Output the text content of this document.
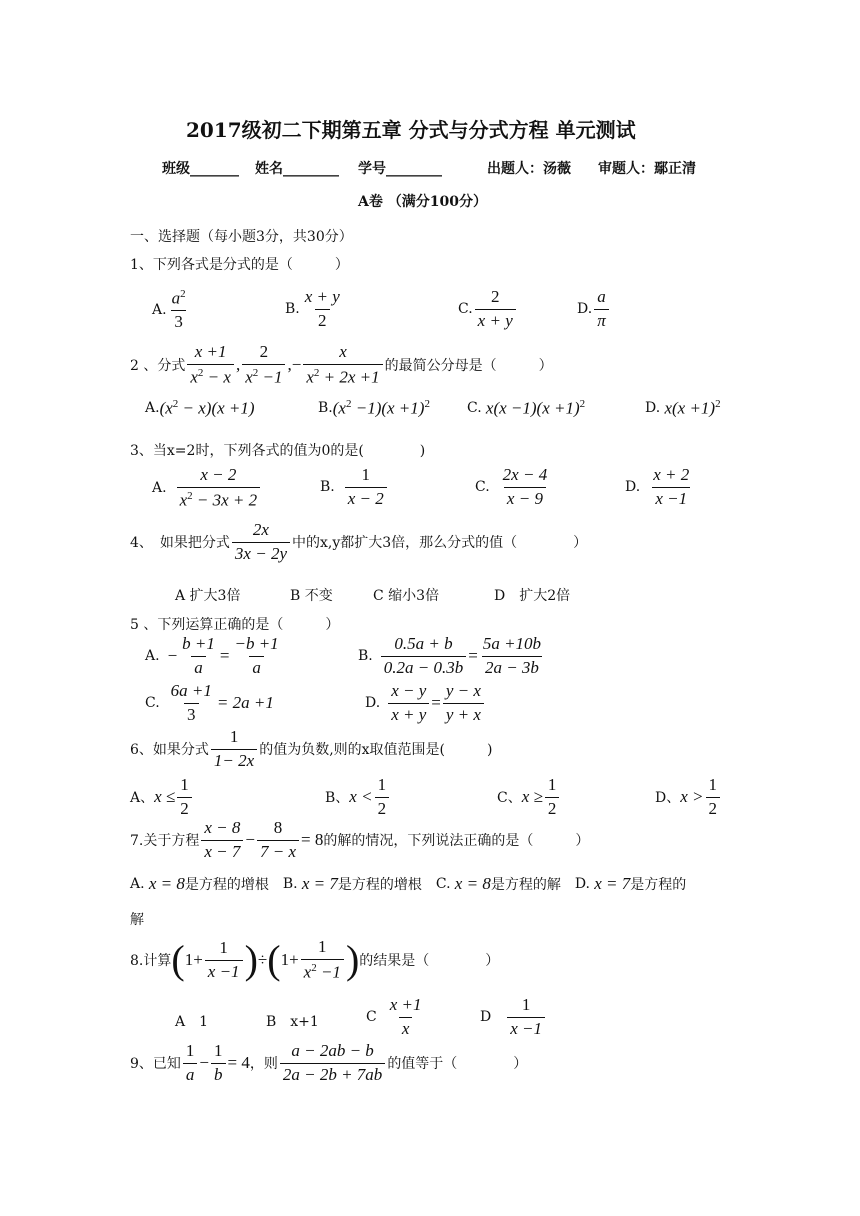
2017级初二下期第五章 分式与分式方程 单元测试
班级_______ 姓名________ 学号________	出题人：汤薇 审题人：鄢正清
A卷 （满分100分）
一、选择题（每小题3分，共30分）
1、下列各式是分式的是（　　　）
A. $\frac{a^2}{3}$	B. $\frac{x + y}{2}$	C. $\frac{2}{x + y}$	D. $\frac{a}{\pi}$
2 、分式 $\frac{x +1}{x^2 - x}$ , $\frac{2}{x^2 -1}$ ,− $\frac{x}{x^2 + 2x +1}$ 的最简公分母是（　　　）
A. $(x^2 - x)(x +1)$	B. $(x^2 -1)(x +1)^2$	C. $x(x -1)(x +1)^2$	D. $x(x +1)^2$
3、当x=2时，下列各式的值为0的是(　　　　)
A. $\frac{x - 2}{x^2 - 3x + 2}$	B. $\frac{1}{x - 2}$	C. $\frac{2x - 4}{x - 9}$	D. $\frac{x + 2}{x -1}$
4、　如果把分式 $\frac{2x}{3x - 2y}$ 中的x,y都扩大3倍，那么分式的值（　　　　）
A 扩大3倍	B 不变	C 缩小3倍	D　扩大2倍
5 、下列运算正确的是（　　　）
A. − $\frac{b +1}{a} = \frac{-b +1}{a}$	B. $\frac{0.5a + b}{0.2a - 0.3b} = \frac{5a +10b}{2a - 3b}$
C. $\frac{6a +1}{3} = 2a +1$	D. $\frac{x - y}{x + y} = \frac{y - x}{y + x}$
6、如果分式 $\frac{1}{1- 2x}$ 的值为负数,则的x取值范围是(　　　)
A、 $x \le \frac{1}{2}$	B、 $x < \frac{1}{2}$	C、 $x \ge \frac{1}{2}$	D、 $x > \frac{1}{2}$
7.关于方程 $\frac{x - 8}{x - 7} - \frac{8}{7 - x} = 8$ 的解的情况，下列说法正确的是（　　　）
A. x = 8 是方程的增根 B. x = 7 是方程的增根 C. x = 8 是方程的解 D. x = 7 是方程的
解
8.计算 ( $1+ \frac{1}{x -1}$ ) ÷ ( $1+ \frac{1}{x^2 -1}$ ) 的结果是（　　　　）
A　1	B　x+1	C $\frac{x +1}{x}$	D $\frac{1}{x -1}$
9、已知 $\frac{1}{a} - \frac{1}{b} = 4$ ，则 $\frac{a - 2ab - b}{2a - 2b + 7ab}$ 的值等于（　　　　）
